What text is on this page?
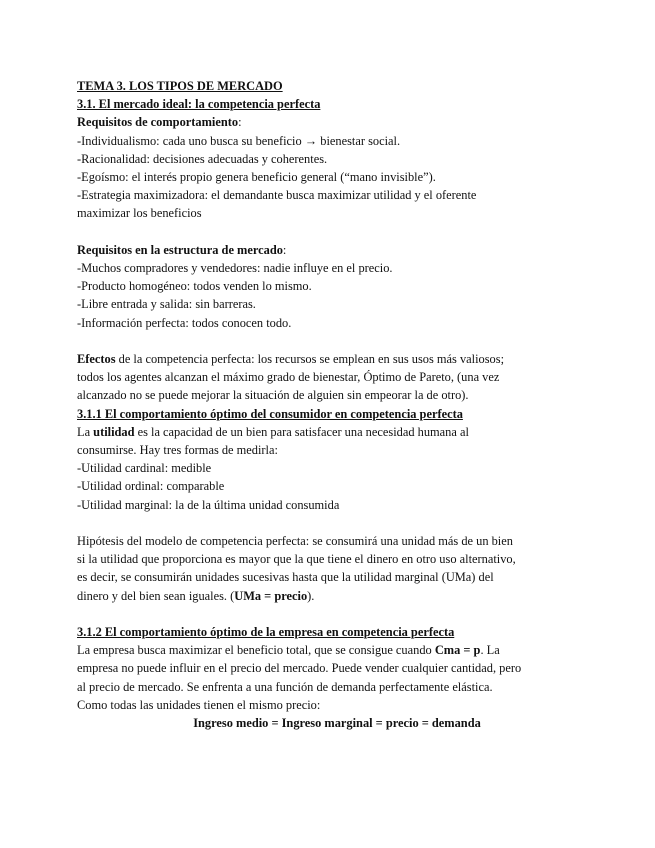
TEMA 3. LOS TIPOS DE MERCADO
3.1. El mercado ideal: la competencia perfecta
Requisitos de comportamiento:
-Individualismo: cada uno busca su beneficio → bienestar social.
-Racionalidad: decisiones adecuadas y coherentes.
-Egoísmo: el interés propio genera beneficio general (“mano invisible”).
-Estrategia maximizadora: el demandante busca maximizar utilidad y el oferente
maximizar los beneficios
Requisitos en la estructura de mercado:
-Muchos compradores y vendedores: nadie influye en el precio.
-Producto homogéneo: todos venden lo mismo.
-Libre entrada y salida: sin barreras.
-Información perfecta: todos conocen todo.
Efectos de la competencia perfecta: los recursos se emplean en sus usos más valiosos;
todos los agentes alcanzan el máximo grado de bienestar, Óptimo de Pareto, (una vez
alcanzado no se puede mejorar la situación de alguien sin empeorar la de otro).
3.1.1 El comportamiento óptimo del consumidor en competencia perfecta
La utilidad es la capacidad de un bien para satisfacer una necesidad humana al
consumirse. Hay tres formas de medirla:
-Utilidad cardinal: medible
-Utilidad ordinal: comparable
-Utilidad marginal: la de la última unidad consumida
Hipótesis del modelo de competencia perfecta: se consumirá una unidad más de un bien
si la utilidad que proporciona es mayor que la que tiene el dinero en otro uso alternativo,
es decir, se consumirán unidades sucesivas hasta que la utilidad marginal (UMa) del
dinero y del bien sean iguales. (UMa = precio).
3.1.2 El comportamiento óptimo de la empresa en competencia perfecta
La empresa busca maximizar el beneficio total, que se consigue cuando Cma = p. La
empresa no puede influir en el precio del mercado. Puede vender cualquier cantidad, pero
al precio de mercado. Se enfrenta a una función de demanda perfectamente elástica.
Como todas las unidades tienen el mismo precio:
Ingreso medio = Ingreso marginal = precio = demanda
